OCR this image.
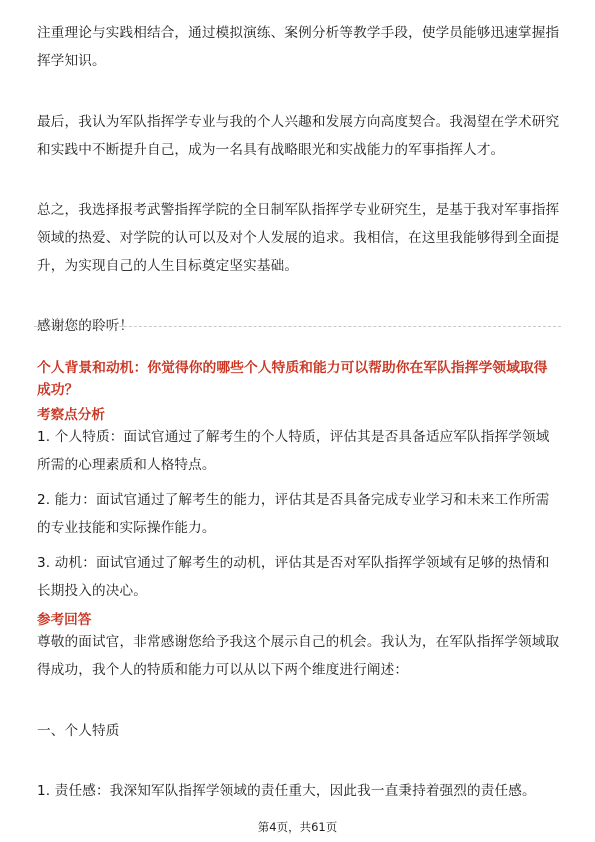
注重理论与实践相结合，通过模拟演练、案例分析等教学手段，使学员能够迅速掌握指挥学知识。

最后，我认为军队指挥学专业与我的个人兴趣和发展方向高度契合。我渴望在学术研究和实践中不断提升自己，成为一名具有战略眼光和实战能力的军事指挥人才。

总之，我选择报考武警指挥学院的全日制军队指挥学专业研究生，是基于我对军事指挥领域的热爱、对学院的认可以及对个人发展的追求。我相信，在这里我能够得到全面提升，为实现自己的人生目标奠定坚实基础。

感谢您的聆听！

个人背景和动机：你觉得你的哪些个人特质和能力可以帮助你在军队指挥学领域取得成功？

考察点分析

1. 个人特质：面试官通过了解考生的个人特质，评估其是否具备适应军队指挥学领域所需的心理素质和人格特点。

2. 能力：面试官通过了解考生的能力，评估其是否具备完成专业学习和未来工作所需的专业技能和实际操作能力。

3. 动机：面试官通过了解考生的动机，评估其是否对军队指挥学领域有足够的热情和长期投入的决心。

参考回答

尊敬的面试官，非常感谢您给予我这个展示自己的机会。我认为，在军队指挥学领域取得成功，我个人的特质和能力可以从以下两个维度进行阐述：

一、个人特质

1. 责任感：我深知军队指挥学领域的责任重大，因此我一直秉持着强烈的责任感。

第4页，共61页
